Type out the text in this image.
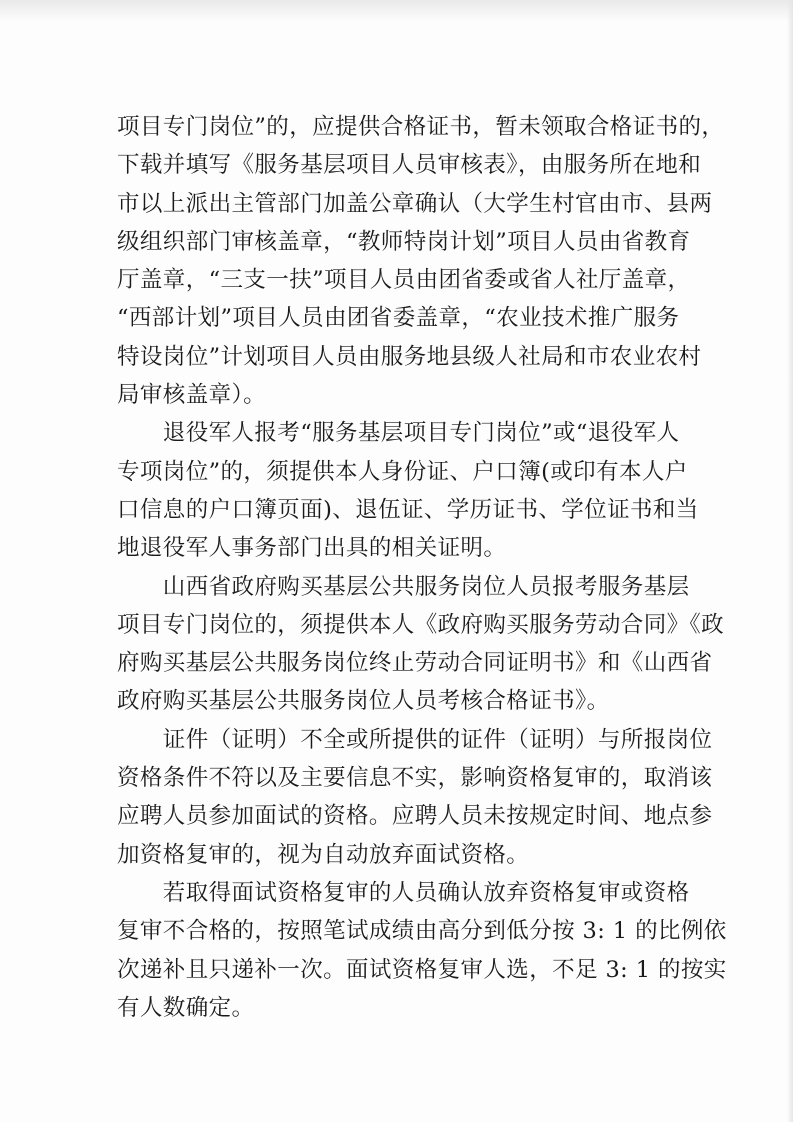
项目专门岗位”的，应提供合格证书，暂未领取合格证书的，
下载并填写《服务基层项目人员审核表》，由服务所在地和
市以上派出主管部门加盖公章确认（大学生村官由市、县两
级组织部门审核盖章，“教师特岗计划”项目人员由省教育
厅盖章，“三支一扶”项目人员由团省委或省人社厅盖章，
“西部计划”项目人员由团省委盖章，“农业技术推广服务
特设岗位”计划项目人员由服务地县级人社局和市农业农村
局审核盖章）。
　　退役军人报考“服务基层项目专门岗位”或“退役军人
专项岗位”的，须提供本人身份证、户口簿(或印有本人户
口信息的户口簿页面)、退伍证、学历证书、学位证书和当
地退役军人事务部门出具的相关证明。
　　山西省政府购买基层公共服务岗位人员报考服务基层
项目专门岗位的，须提供本人《政府购买服务劳动合同》《政
府购买基层公共服务岗位终止劳动合同证明书》和《山西省
政府购买基层公共服务岗位人员考核合格证书》。
　　证件（证明）不全或所提供的证件（证明）与所报岗位
资格条件不符以及主要信息不实，影响资格复审的，取消该
应聘人员参加面试的资格。应聘人员未按规定时间、地点参
加资格复审的，视为自动放弃面试资格。
　　若取得面试资格复审的人员确认放弃资格复审或资格
复审不合格的，按照笔试成绩由高分到低分按 3: 1 的比例依
次递补且只递补一次。面试资格复审人选，不足 3: 1 的按实
有人数确定。
